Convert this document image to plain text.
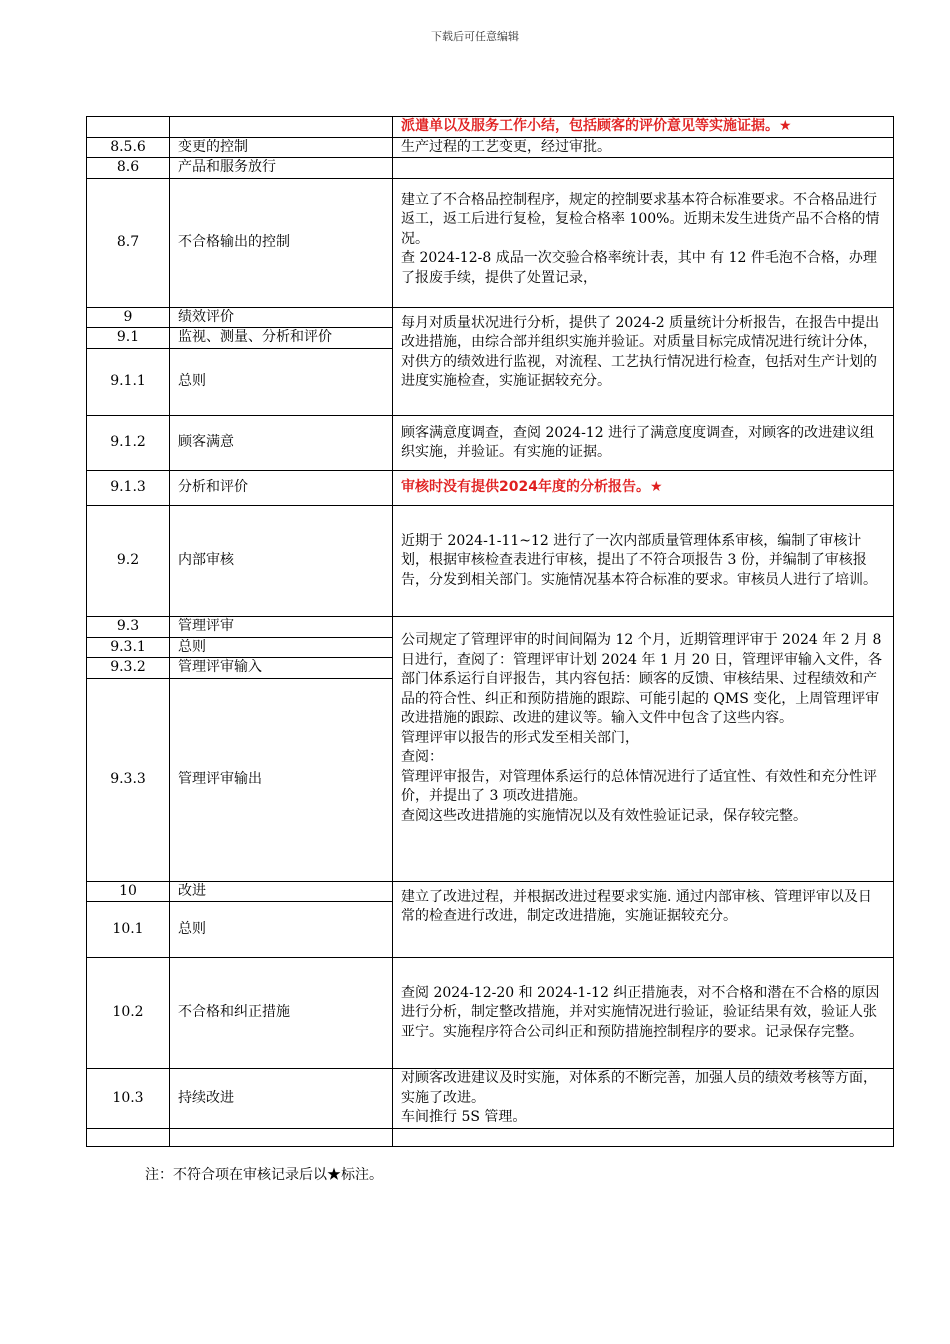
下载后可任意编辑
		派遣单以及服务工作小结，包括顾客的评价意见等实施证据。★
8.5.6	变更的控制	生产过程的工艺变更，经过审批。
8.6	产品和服务放行	
8.7	不合格输出的控制	建立了不合格品控制程序，规定的控制要求基本符合标准要求。不合格品进行返工，返工后进行复检，复检合格率 100%。近期未发生进货产品不合格的情况。

查 2024-12-8 成品一次交验合格率统计表，其中 有 12 件毛泡不合格，办理了报废手续，提供了处置记录，

9	绩效评价	每月对质量状况进行分析，提供了 2024-2 质量统计分析报告，在报告中提出改进措施，由综合部并组织实施并验证。对质量目标完成情况进行统计分体，对供方的绩效进行监视，对流程、工艺执行情况进行检查，包括对生产计划的进度实施检查，实施证据较充分。
9.1	监视、测量、分析和评价	
9.1.1	总则	
9.1.2	顾客满意	顾客满意度调查，查阅 2024-12 进行了满意度度调查，对顾客的改进建议组织实施，并验证。有实施的证据。
9.1.3	分析和评价	审核时没有提供2024年度的分析报告。★
9.2	内部审核	近期于 2024-1-11~12 进行了一次内部质量管理体系审核，编制了审核计划，根据审核检查表进行审核，提出了不符合项报告 3 份，并编制了审核报告，分发到相关部门。实施情况基本符合标准的要求。审核员人进行了培训。
9.3	管理评审	公司规定了管理评审的时间间隔为 12 个月，近期管理评审于 2024 年 2 月 8 日进行，查阅了：管理评审计划 2024 年 1 月 20 日，管理评审输入文件，各部门体系运行自评报告，其内容包括：顾客的反馈、审核结果、过程绩效和产品的符合性、纠正和预防措施的跟踪、可能引起的 QMS 变化，上周管理评审改进措施的跟踪、改进的建议等。输入文件中包含了这些内容。

管理评审以报告的形式发至相关部门，

查阅：

管理评审报告，对管理体系运行的总体情况进行了适宜性、有效性和充分性评价，并提出了 3 项改进措施。

查阅这些改进措施的实施情况以及有效性验证记录，保存较完整。

9.3.1	总则	
9.3.2	管理评审输入	
9.3.3	管理评审输出	
10	改进	建立了改进过程，并根据改进过程要求实施. 通过内部审核、管理评审以及日常的检查进行改进，制定改进措施，实施证据较充分。
10.1	总则	
10.2	不合格和纠正措施	查阅 2024-12-20 和 2024-1-12 纠正措施表，对不合格和潜在不合格的原因进行分析，制定整改措施，并对实施情况进行验证，验证结果有效，验证人张亚宁。实施程序符合公司纠正和预防措施控制程序的要求。记录保存完整。
10.3	持续改进	对顾客改进建议及时实施，对体系的不断完善，加强人员的绩效考核等方面，实施了改进。

车间推行 5S 管理。

注：不符合项在审核记录后以★标注。
